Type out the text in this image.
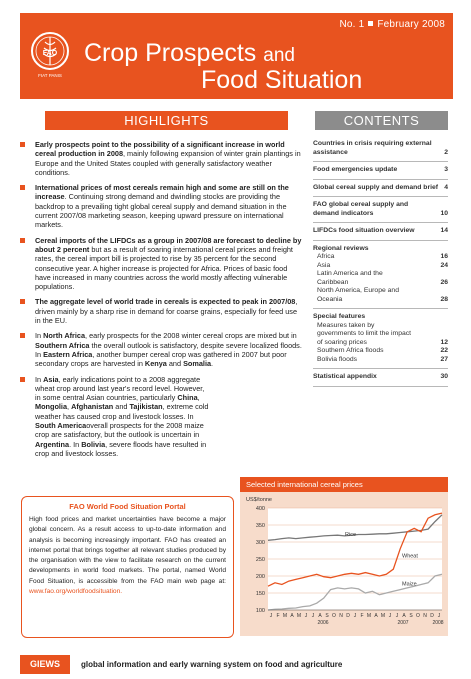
No. 1 February 2008
FAO
FIAT PANIS
Crop Prospects and
Food Situation
HIGHLIGHTS	CONTENTS
Early prospects point to the possibility of a significant increase in world cereal production in 2008, mainly following expansion of winter grain plantings in Europe and the United States coupled with generally satisfactory weather conditions.
International prices of most cereals remain high and some are still on the increase. Continuing strong demand and dwindling stocks are providing the backdrop to a prevailing tight global cereal supply and demand situation in the current 2007/08 marketing season, keeping upward pressure on international markets.
Cereal imports of the LIFDCs as a group in 2007/08 are forecast to decline by about 2 percent but as a result of soaring international cereal prices and freight rates, the cereal import bill is projected to rise by 35 percent for the second consecutive year. A higher increase is projected for Africa. Prices of basic food have increased in many countries across the world mostly affecting vulnerable populations.
The aggregate level of world trade in cereals is expected to peak in 2007/08, driven mainly by a sharp rise in demand for coarse grains, especially for feed use in the EU.
In North Africa, early prospects for the 2008 winter cereal crops are mixed but in Southern Africa the overall outlook is satisfactory, despite severe localized floods. In Eastern Africa, another bumper cereal crop was gathered in 2007 but poor secondary crops are harvested in Kenya and Somalia.
In Asia, early indications point to a 2008 aggregate wheat crop around last year's record level. However, in some central Asian countries, particularly China, Mongolia, Afghanistan and Tajikistan, extreme cold weather has caused crop and livestock losses. In South Americaoverall prospects for the 2008 maize crop are satisfactory, but the outlook is uncertain in Argentina. In Bolivia, severe floods have resulted in crop and livestock losses.
Countries in crisis requiring external assistance	2
Food emergencies update	3
Global cereal supply and demand brief 4
FAO global cereal supply and demand indicators	10
LIFDCs food situation overview	14
Regional reviews
Africa	16
Asia	24
Latin America and the Caribbean	26
North America, Europe and Oceania	28
Special features
Measures taken by governments to limit the impact of soaring prices	12
Southern Africa floods	22
Bolivia floods	27
Statistical appendix	30
FAO World Food Situation Portal
High food prices and market uncertainties have become a major global concern. As a result access to up-to-date information and analysis is becoming increasingly important. FAO has created an internet portal that brings together all relevant studies produced by the organisation with the view to facilitate research on the current developments in world food markets. The portal, named World Food Situation, is accessible from the FAO main web page at: www.fao.org/worldfoodsituation.
Selected international cereal prices
US$/tonne
100
150
200
250
300
350
400
J F M A M J J A S O N D J F M A M J J A S O N D J
2006	2007	2008
Rice
Wheat
Maize
GIEWS	global information and early warning system on food and agriculture
